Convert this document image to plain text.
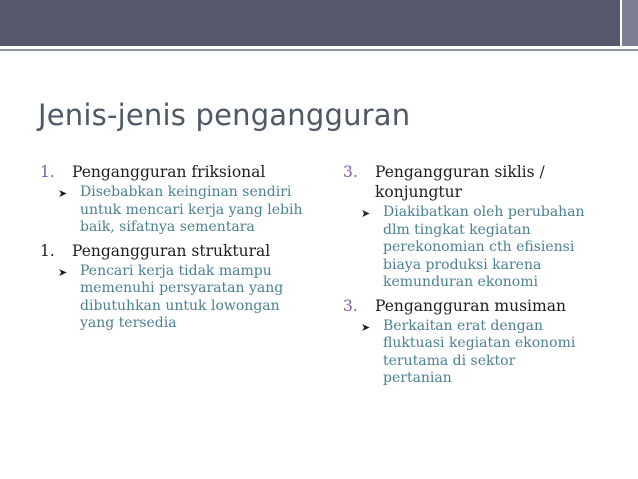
Jenis-jenis pengangguran
1.	Pengangguran friksional
➤ Disebabkan keinginan sendiri untuk mencari kerja yang lebih baik, sifatnya sementara
1.	Pengangguran struktural
➤ Pencari kerja tidak mampu memenuhi persyaratan yang dibutuhkan untuk lowongan yang tersedia
3.	Pengangguran siklis / konjungtur
➤ Diakibatkan oleh perubahan dlm tingkat kegiatan perekonomian cth efisiensi biaya produksi karena kemunduran ekonomi
3.	Pengangguran musiman
➤ Berkaitan erat dengan fluktuasi kegiatan ekonomi terutama di sektor pertanian
